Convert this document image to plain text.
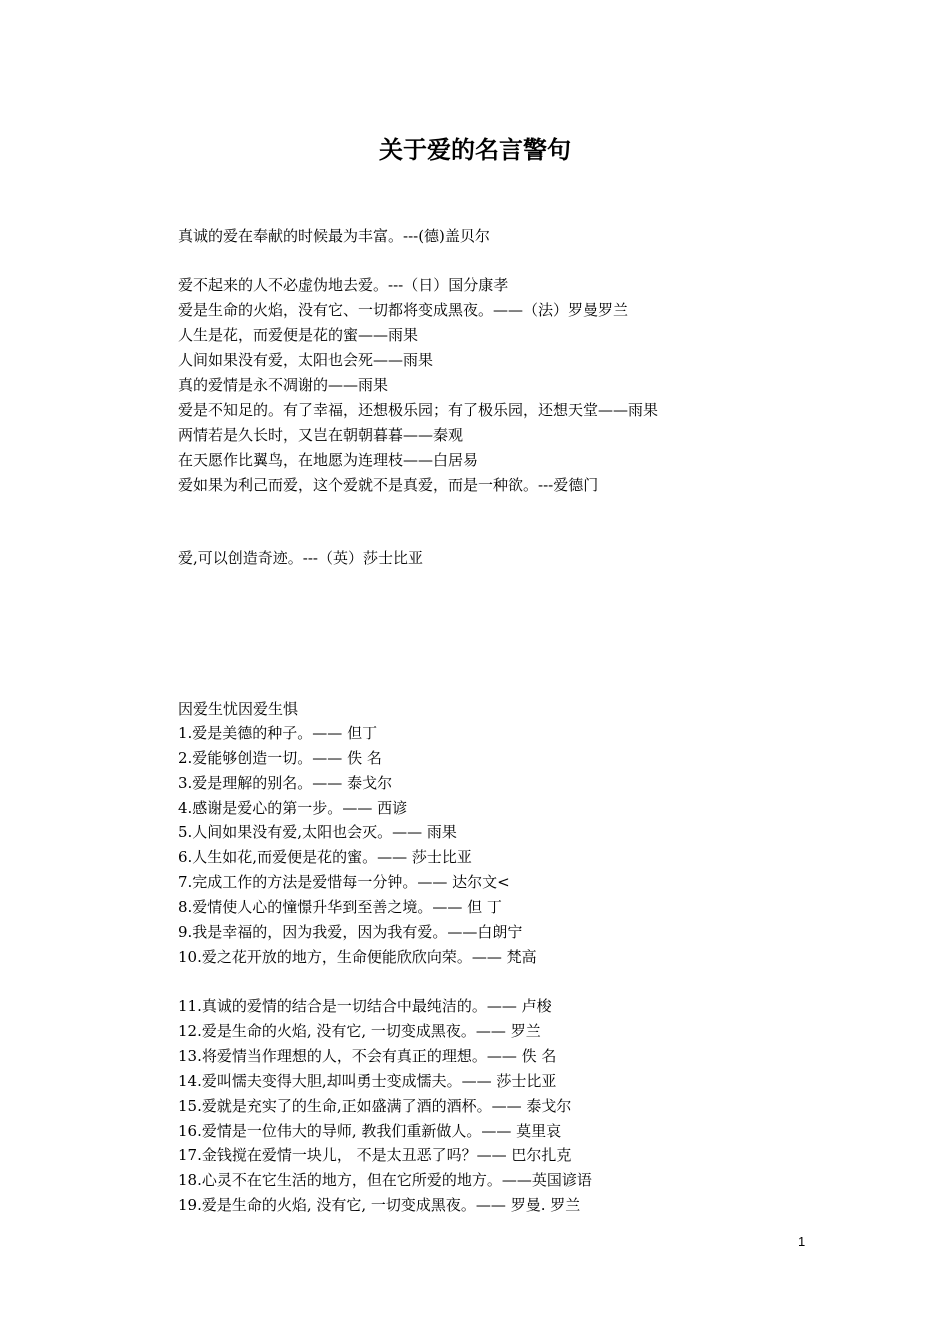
关于爱的名言警句
真诚的爱在奉献的时候最为丰富。---(德)盖贝尔
爱不起来的人不必虚伪地去爱。---（日）国分康孝
爱是生命的火焰，没有它、一切都将变成黑夜。——（法）罗曼罗兰
人生是花，而爱便是花的蜜——雨果
人间如果没有爱，太阳也会死——雨果
真的爱情是永不凋谢的——雨果
爱是不知足的。有了幸福，还想极乐园；有了极乐园，还想天堂——雨果
两情若是久长时，又岂在朝朝暮暮——秦观
在天愿作比翼鸟，在地愿为连理枝——白居易
爱如果为利己而爱，这个爱就不是真爱，而是一种欲。---爱德门
爱,可以创造奇迹。---（英）莎士比亚
因爱生忧因爱生惧
1.爱是美德的种子。—— 但丁
2.爱能够创造一切。—— 佚 名
3.爱是理解的别名。—— 泰戈尔
4.感谢是爱心的第一步。—— 西谚
5.人间如果没有爱,太阳也会灭。—— 雨果
6.人生如花,而爱便是花的蜜。—— 莎士比亚
7.完成工作的方法是爱惜每一分钟。—— 达尔文<
8.爱情使人心的憧憬升华到至善之境。—— 但 丁
9.我是幸福的，因为我爱，因为我有爱。——白朗宁
10.爱之花开放的地方，生命便能欣欣向荣。—— 梵高
11.真诚的爱情的结合是一切结合中最纯洁的。—— 卢梭
12.爱是生命的火焰, 没有它, 一切变成黑夜。—— 罗兰
13.将爱情当作理想的人，不会有真正的理想。—— 佚 名
14.爱叫懦夫变得大胆,却叫勇士变成懦夫。—— 莎士比亚
15.爱就是充实了的生命,正如盛满了酒的酒杯。—— 泰戈尔
16.爱情是一位伟大的导师, 教我们重新做人。—— 莫里哀
17.金钱搅在爱情一块儿， 不是太丑恶了吗？—— 巴尔扎克
18.心灵不在它生活的地方，但在它所爱的地方。——英国谚语
19.爱是生命的火焰, 没有它, 一切变成黑夜。—— 罗曼. 罗兰
1
